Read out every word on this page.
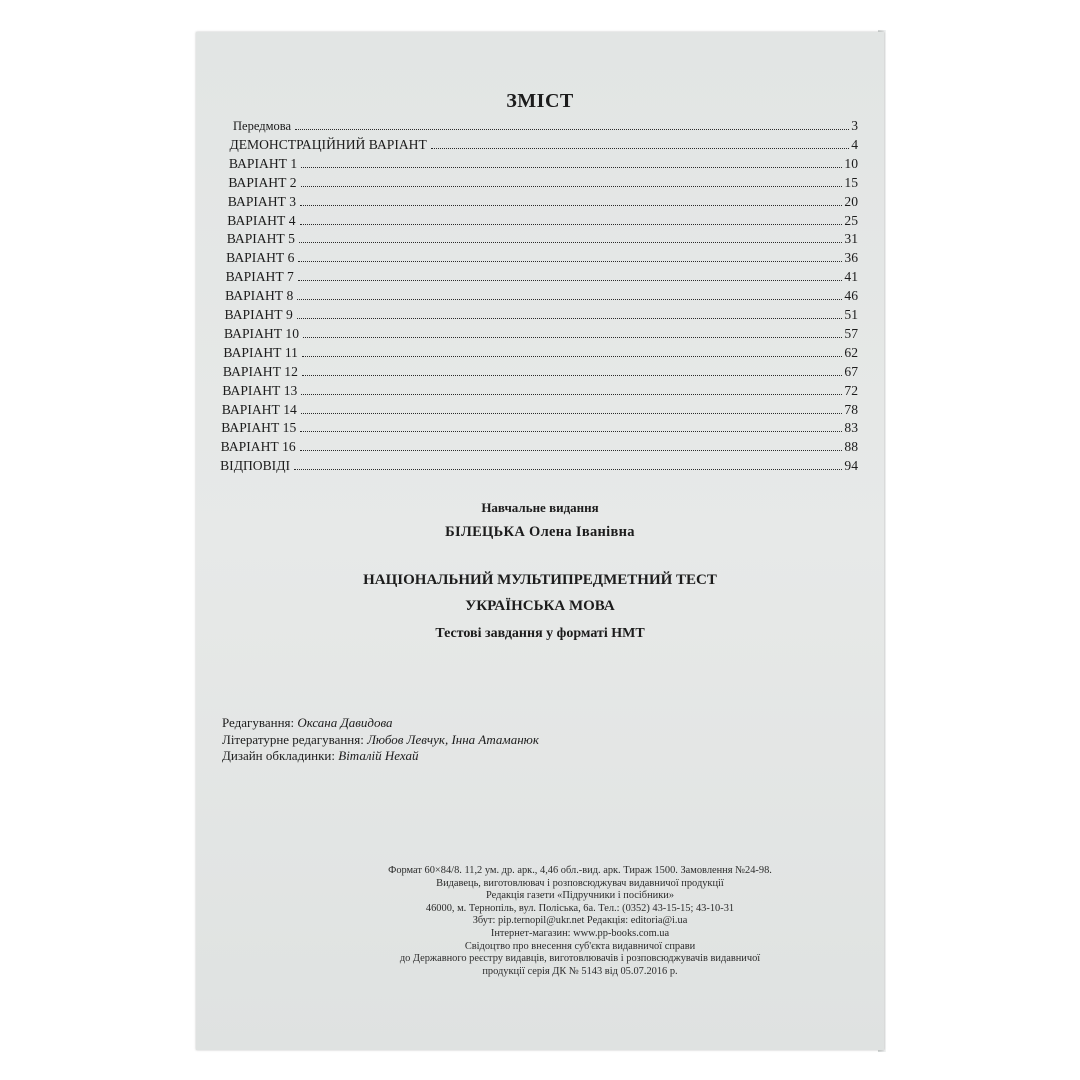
ЗМІСТ
Передмова	3
ДЕМОНСТРАЦІЙНИЙ ВАРІАНТ	4
ВАРІАНТ 1	10
ВАРІАНТ 2	15
ВАРІАНТ 3	20
ВАРІАНТ 4	25
ВАРІАНТ 5	31
ВАРІАНТ 6	36
ВАРІАНТ 7	41
ВАРІАНТ 8	46
ВАРІАНТ 9	51
ВАРІАНТ 10	57
ВАРІАНТ 11	62
ВАРІАНТ 12	67
ВАРІАНТ 13	72
ВАРІАНТ 14	78
ВАРІАНТ 15	83
ВАРІАНТ 16	88
ВІДПОВІДІ	94
Навчальне видання
БІЛЕЦЬКА Олена Іванівна
НАЦІОНАЛЬНИЙ МУЛЬТИПРЕДМЕТНИЙ ТЕСТ
УКРАЇНСЬКА МОВА
Тестові завдання у форматі НМТ
Редагування: Оксана Давидова
Літературне редагування: Любов Левчук, Інна Атаманюк
Дизайн обкладинки: Віталій Нехай
Формат 60×84/8. 11,2 ум. др. арк., 4,46 обл.-вид. арк. Тираж 1500. Замовлення №24-98.
Видавець, виготовлювач і розповсюджувач видавничої продукції
Редакція газети «Підручники і посібники»
46000, м. Тернопіль, вул. Поліська, 6а. Тел.: (0352) 43-15-15; 43-10-31
Збут: pip.ternopil@ukr.net Редакція: editoria@i.ua
Інтернет-магазин: www.pp-books.com.ua
Свідоцтво про внесення суб'єкта видавничої справи
до Державного реєстру видавців, виготовлювачів і розповсюджувачів видавничої
продукції серія ДК № 5143 від 05.07.2016 р.
